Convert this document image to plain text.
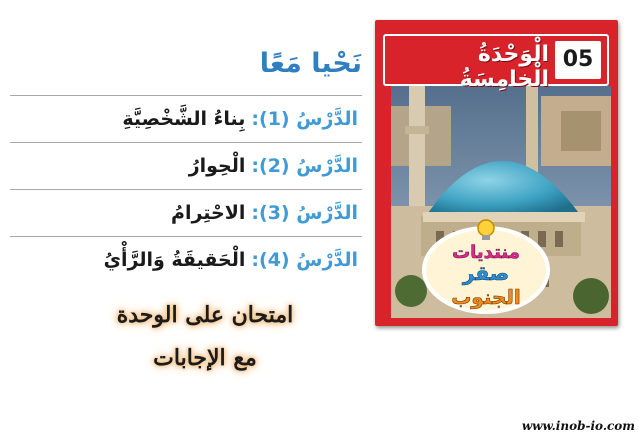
نَحْيا مَعًا
الدَّرْسُ (1):
بِناءُ الشَّخْصِيَّةِ
الدَّرْسُ (2):
الْحِوارُ
الدَّرْسُ (3):
الاحْتِرامُ
الدَّرْسُ (4):
الْحَقيقَةُ وَالرَّأْيُ
امتحان على الوحدة
مع الإجابات
www.inob-io.com
الْوَحْدَةُ الْخامِسَةُ
05
منتديات
صقر
الجنوب
